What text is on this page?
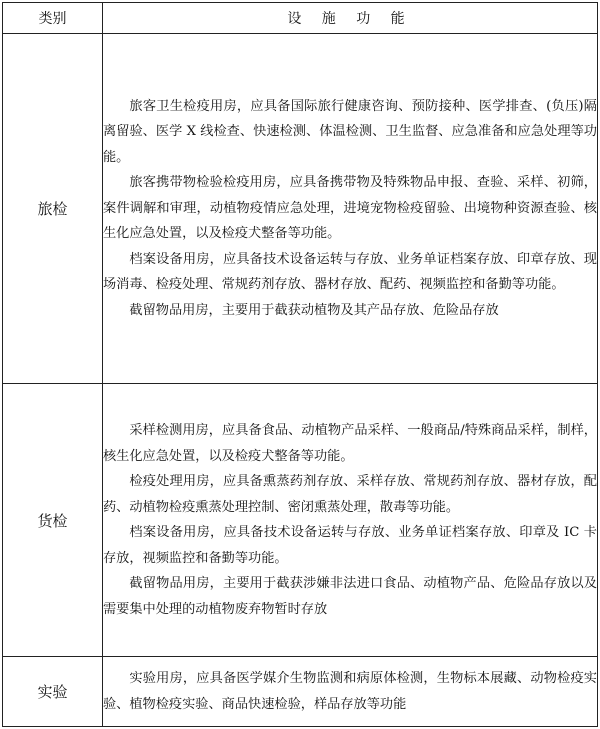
类别	设 施 功 能
旅检	旅客卫生检疫用房，应具备国际旅行健康咨询、预防接种、医学排查、(负压)隔离留验、医学 X 线检查、快速检测、体温检测、卫生监督、应急准备和应急处理等功能。

旅客携带物检验检疫用房，应具备携带物及特殊物品申报、查验、采样、初筛，案件调解和审理，动植物疫情应急处理，进境宠物检疫留验、出境物种资源查验、核生化应急处置，以及检疫犬整备等功能。

档案设备用房，应具备技术设备运转与存放、业务单证档案存放、印章存放、现场消毒、检疫处理、常规药剂存放、器材存放、配药、视频监控和备勤等功能。

截留物品用房，主要用于截获动植物及其产品存放、危险品存放

货检	采样检测用房，应具备食品、动植物产品采样、一般商品/特殊商品采样，制样，核生化应急处置，以及检疫犬整备等功能。

检疫处理用房，应具备熏蒸药剂存放、采样存放、常规药剂存放、器材存放，配药、动植物检疫熏蒸处理控制、密闭熏蒸处理，散毒等功能。

档案设备用房，应具备技术设备运转与存放、业务单证档案存放、印章及 IC 卡存放，视频监控和备勤等功能。

截留物品用房，主要用于截获涉嫌非法进口食品、动植物产品、危险品存放以及需要集中处理的动植物废弃物暂时存放

实验	实验用房，应具备医学媒介生物监测和病原体检测，生物标本展藏、动物检疫实验、植物检疫实验、商品快速检验，样品存放等功能
